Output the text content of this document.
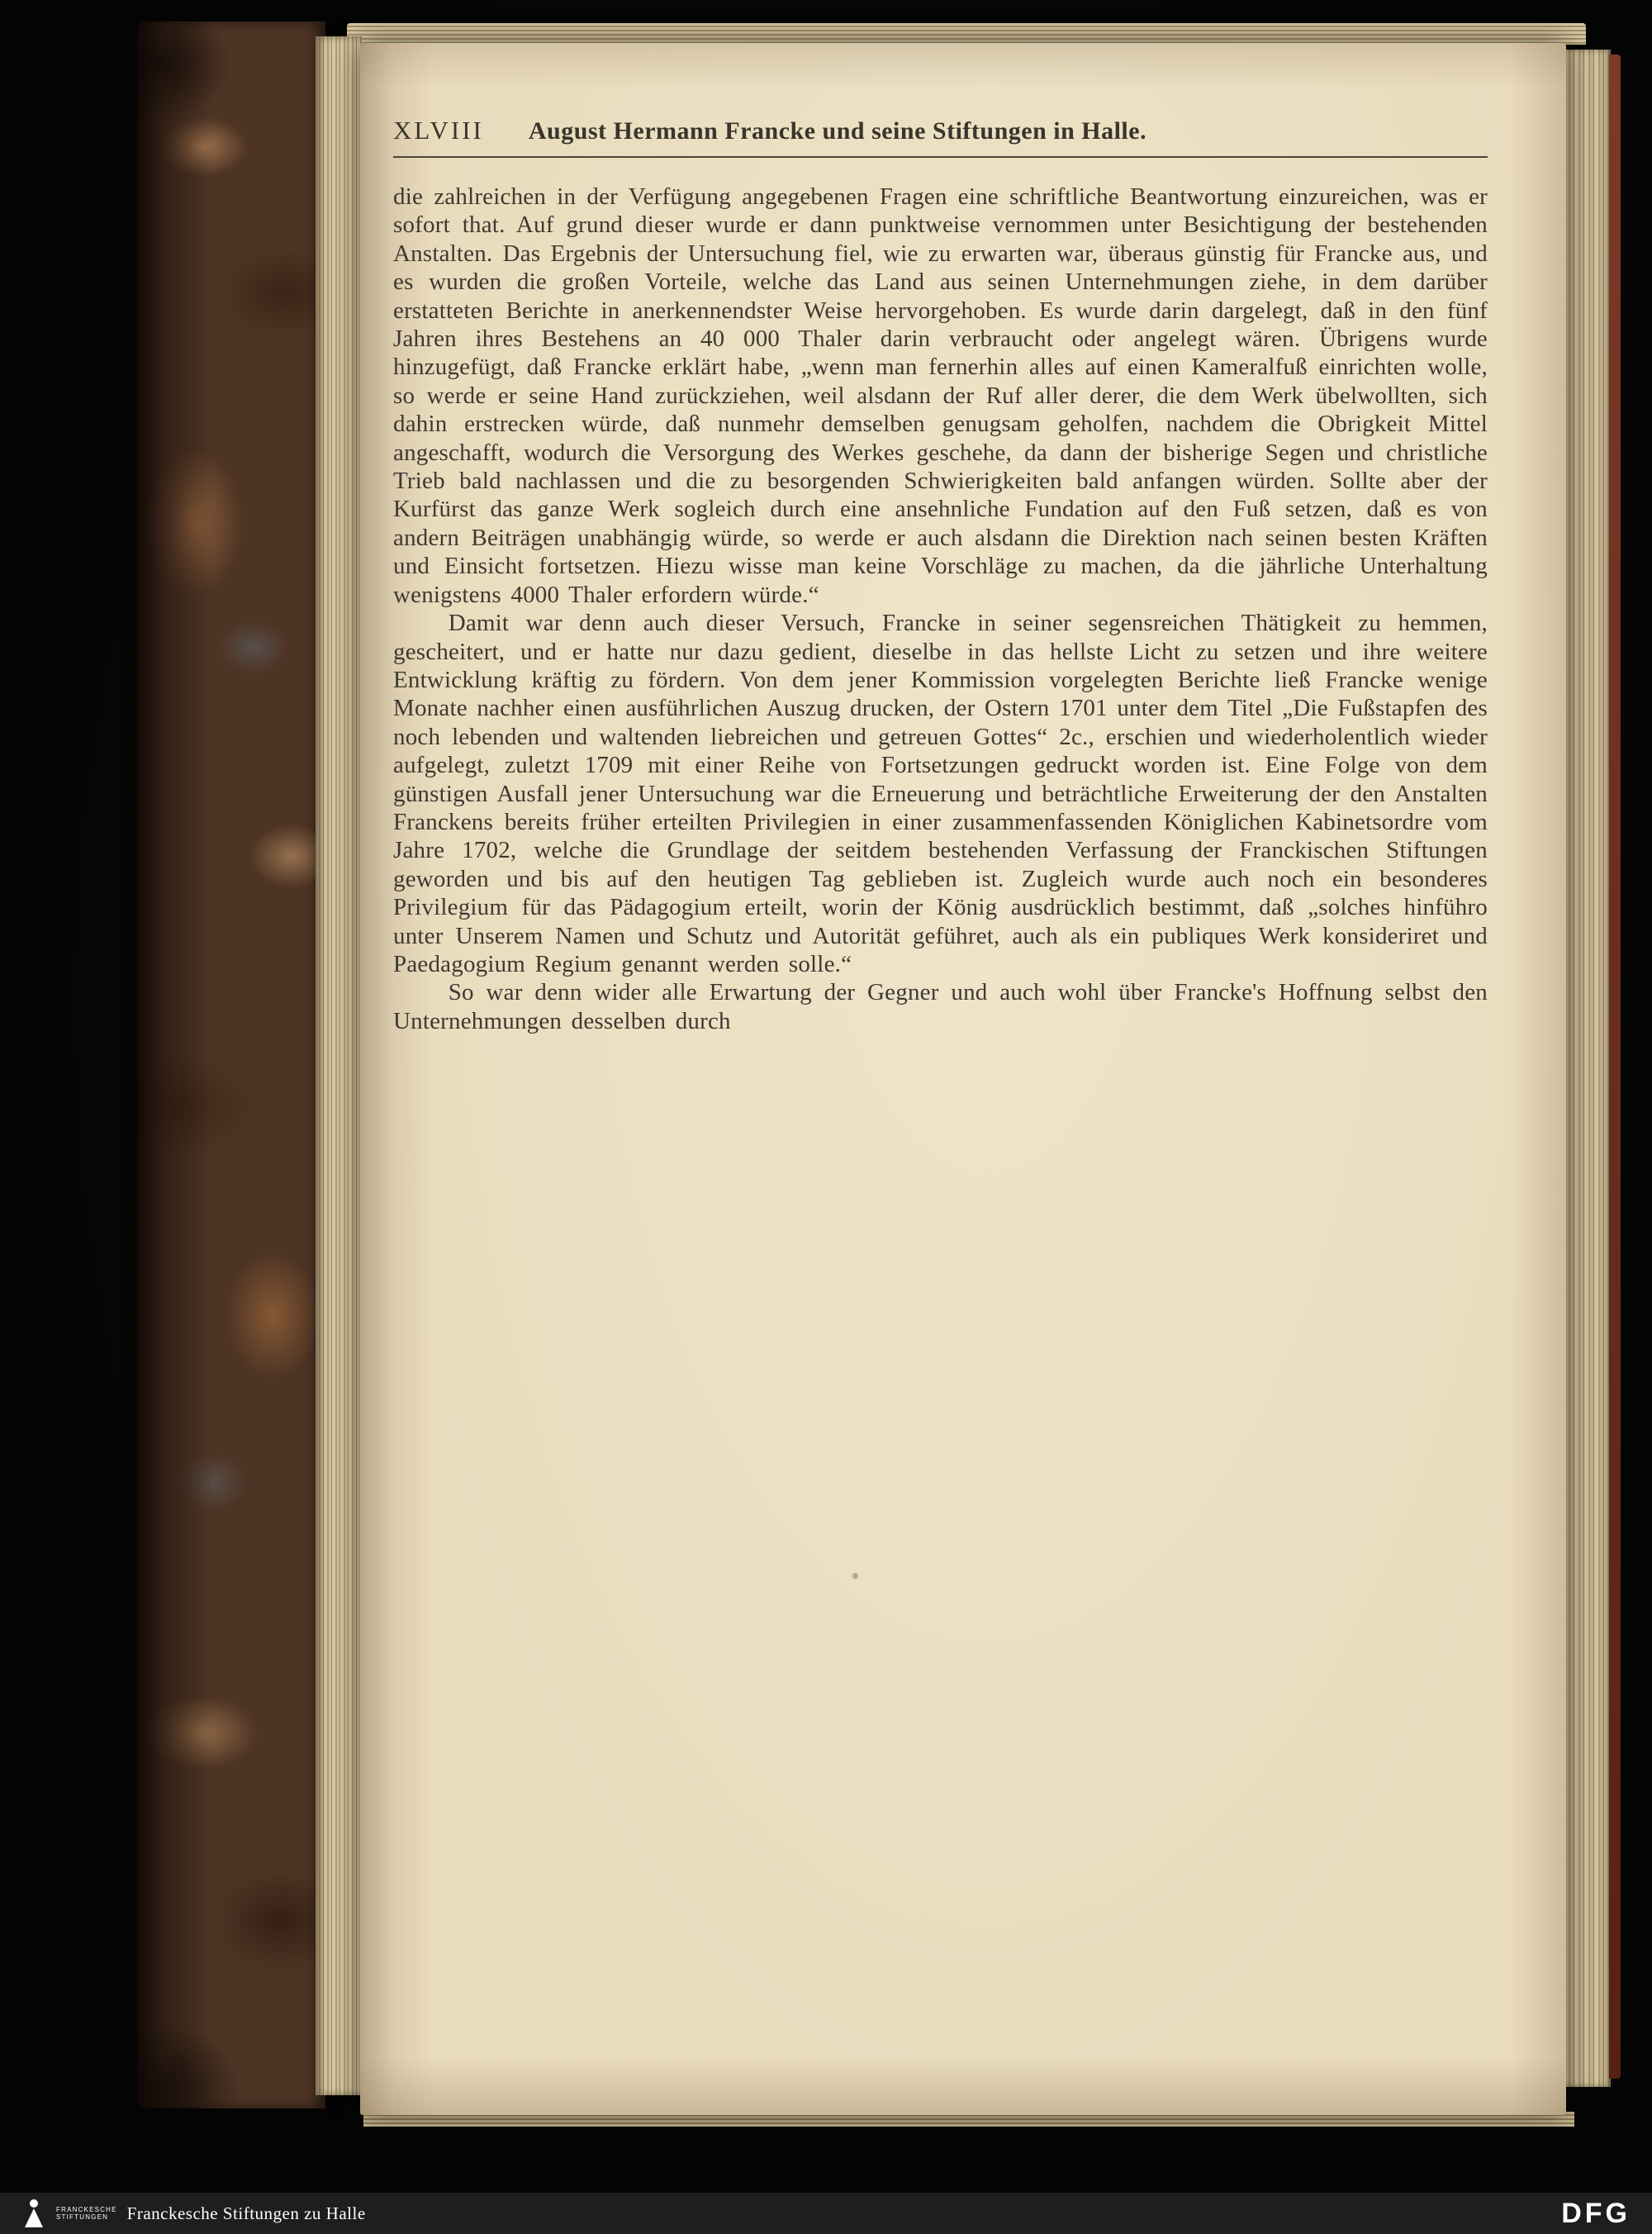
XLVIII August Hermann Francke und seine Stiftungen in Halle.

die zahlreichen in der Verfügung angegebenen Fragen eine schriftliche Beantwortung einzureichen, was er sofort that. Auf grund dieser wurde er dann punktweise vernommen unter Besichtigung der bestehenden Anstalten. Das Ergebnis der Untersuchung fiel, wie zu erwarten war, überaus günstig für Francke aus, und es wurden die großen Vorteile, welche das Land aus seinen Unternehmungen ziehe, in dem darüber erstatteten Berichte in anerkennendster Weise hervorgehoben. Es wurde darin dargelegt, daß in den fünf Jahren ihres Bestehens an 40 000 Thaler darin verbraucht oder angelegt wären. Übrigens wurde hinzugefügt, daß Francke erklärt habe, „wenn man fernerhin alles auf einen Kameralfuß einrichten wolle, so werde er seine Hand zurückziehen, weil alsdann der Ruf aller derer, die dem Werk übelwollten, sich dahin erstrecken würde, daß nunmehr demselben genugsam geholfen, nachdem die Obrigkeit Mittel angeschafft, wodurch die Versorgung des Werkes geschehe, da dann der bisherige Segen und christliche Trieb bald nachlassen und die zu besorgenden Schwierigkeiten bald anfangen würden. Sollte aber der Kurfürst das ganze Werk sogleich durch eine ansehnliche Fundation auf den Fuß setzen, daß es von andern Beiträgen unabhängig würde, so werde er auch alsdann die Direktion nach seinen besten Kräften und Einsicht fortsetzen. Hiezu wisse man keine Vorschläge zu machen, da die jährliche Unterhaltung wenigstens 4000 Thaler erfordern würde.“

Damit war denn auch dieser Versuch, Francke in seiner segensreichen Thätigkeit zu hemmen, gescheitert, und er hatte nur dazu gedient, dieselbe in das hellste Licht zu setzen und ihre weitere Entwicklung kräftig zu fördern. Von dem jener Kommission vorgelegten Berichte ließ Francke wenige Monate nachher einen ausführlichen Auszug drucken, der Ostern 1701 unter dem Titel „Die Fußstapfen des noch lebenden und waltenden liebreichen und getreuen Gottes“ 2c., erschien und wiederholentlich wieder aufgelegt, zuletzt 1709 mit einer Reihe von Fortsetzungen gedruckt worden ist. Eine Folge von dem günstigen Ausfall jener Untersuchung war die Erneuerung und beträchtliche Erweiterung der den Anstalten Franckens bereits früher erteilten Privilegien in einer zusammenfassenden Königlichen Kabinetsordre vom Jahre 1702, welche die Grundlage der seitdem bestehenden Verfassung der Franckischen Stiftungen geworden und bis auf den heutigen Tag geblieben ist. Zugleich wurde auch noch ein besonderes Privilegium für das Pädagogium erteilt, worin der König ausdrücklich bestimmt, daß „solches hinführo unter Unserem Namen und Schutz und Autorität geführet, auch als ein publiques Werk konsideriret und Paedagogium Regium genannt werden solle.“

So war denn wider alle Erwartung der Gegner und auch wohl über Francke's Hoffnung selbst den Unternehmungen desselben durch

FRANCKESCHE
STIFTUNGEN	Franckesche Stiftungen zu Halle	DFG
